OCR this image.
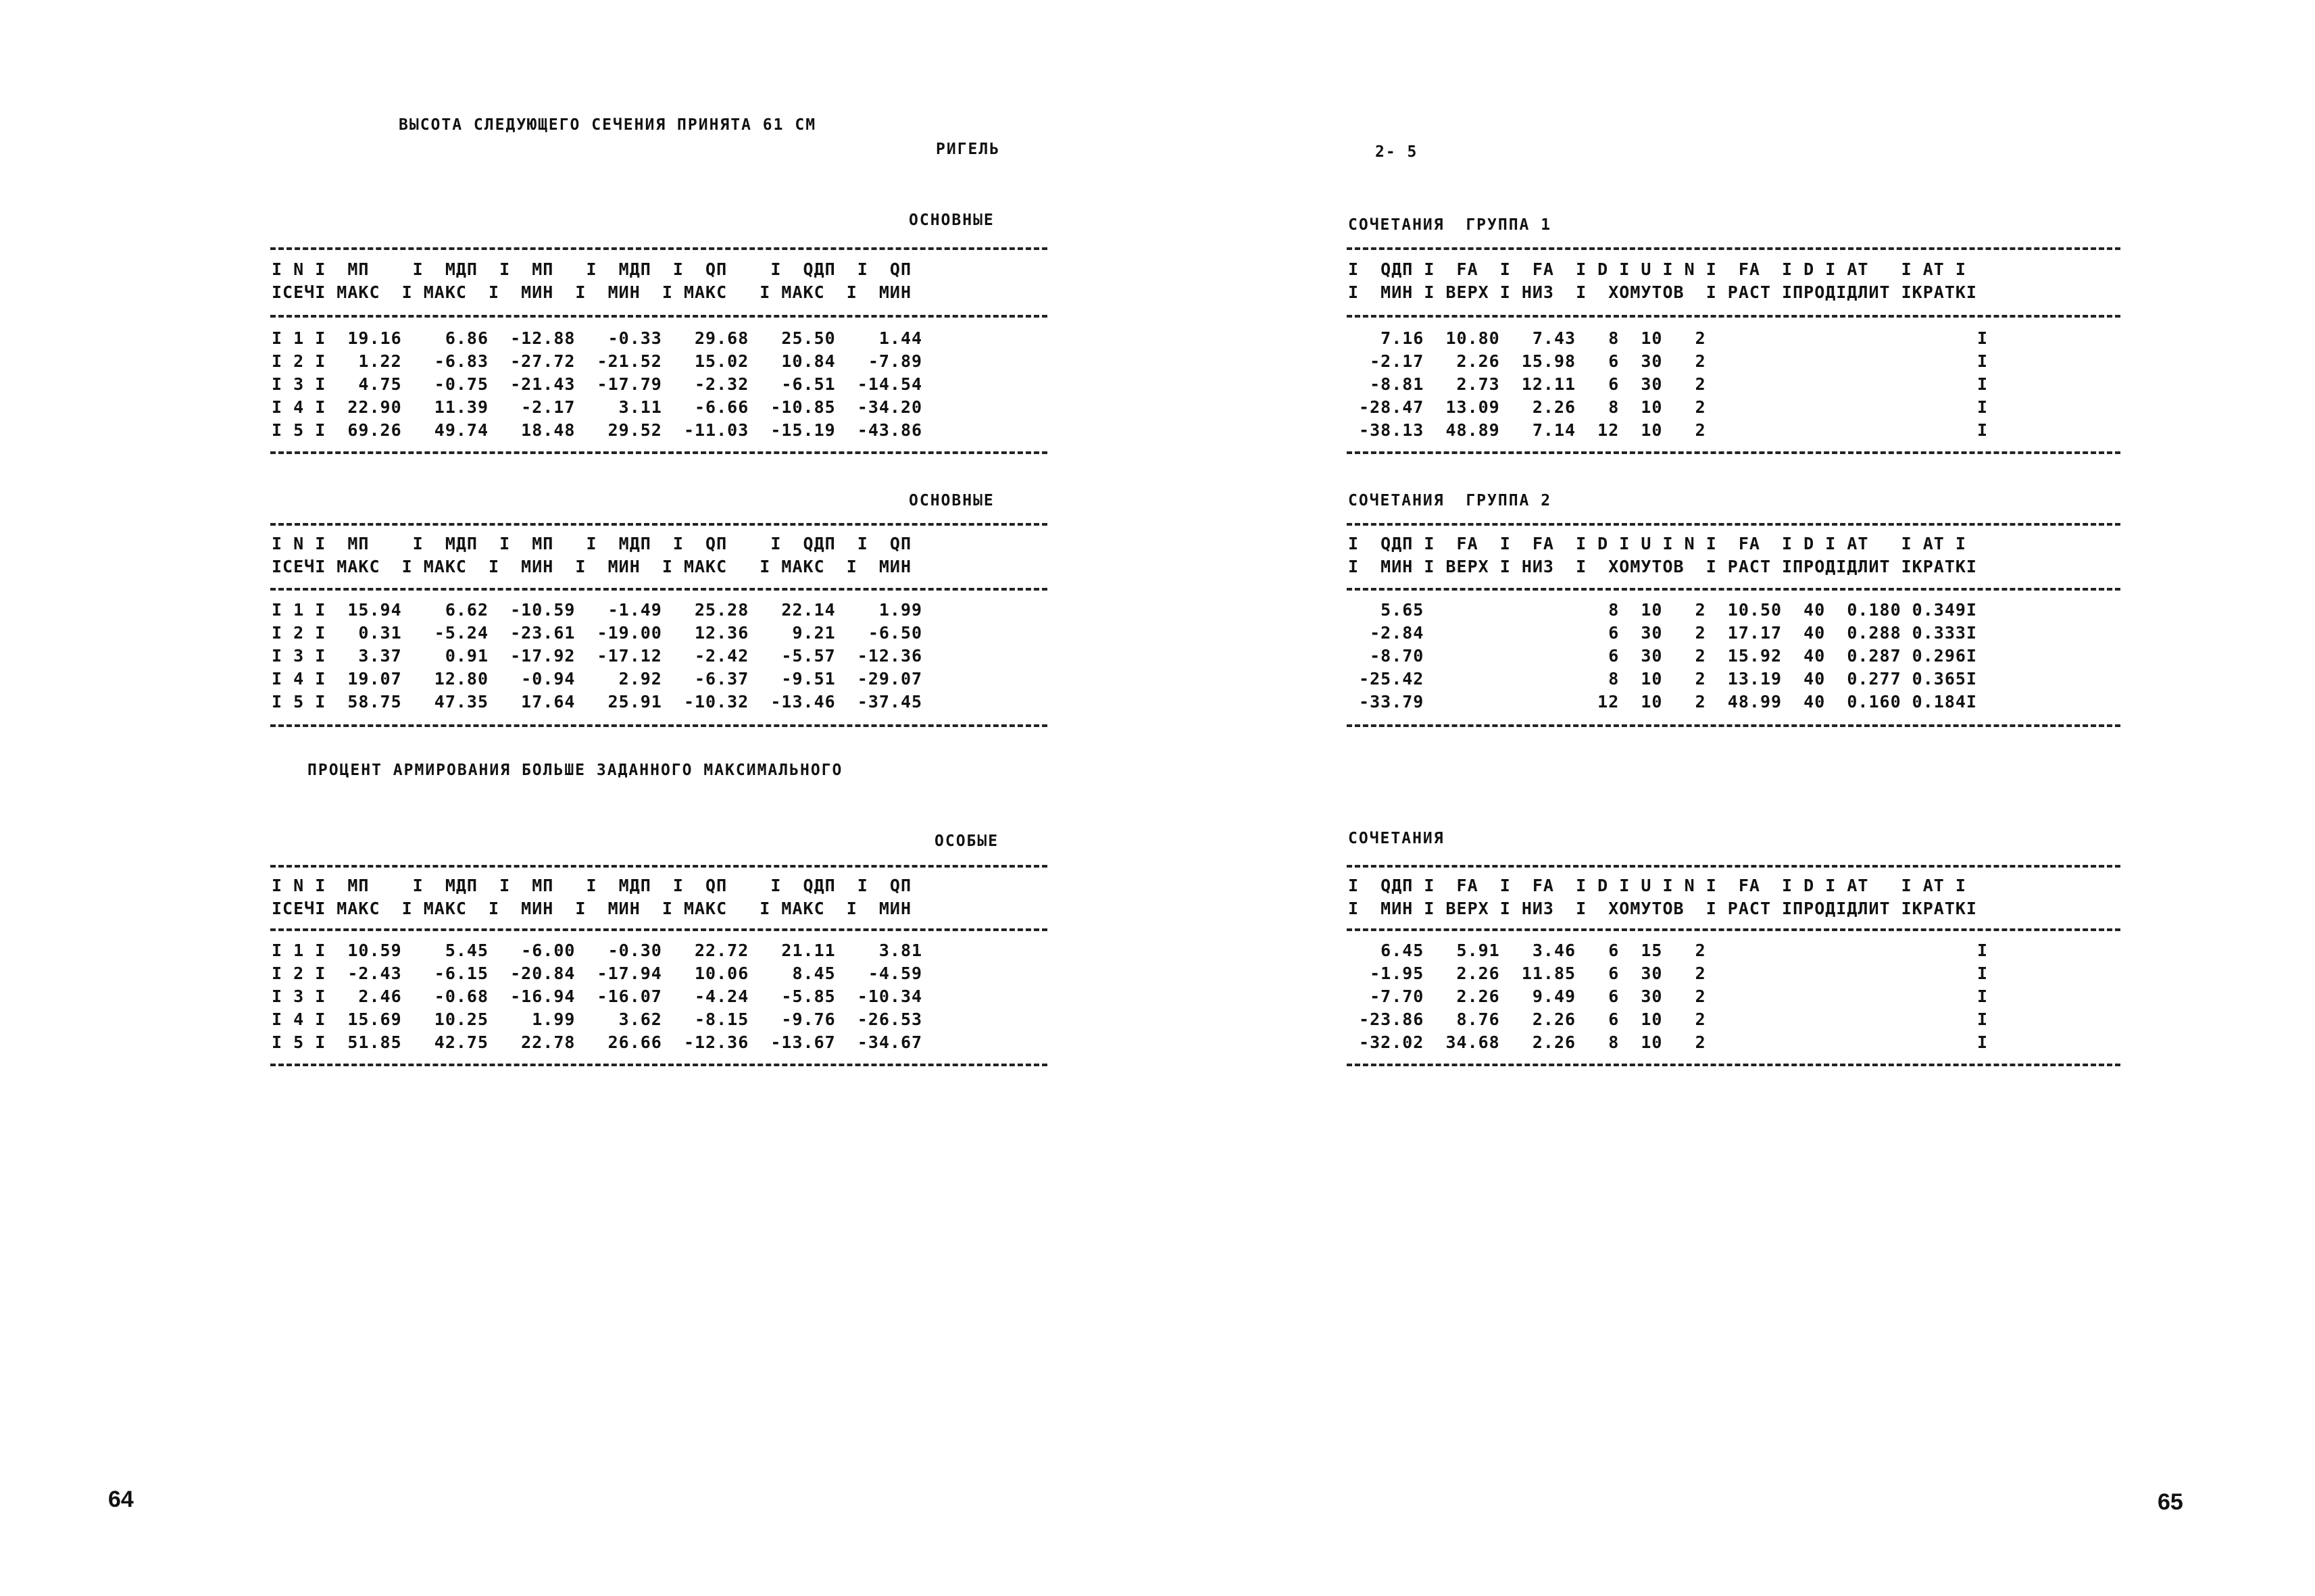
ВЫСОТА СЛЕДУЮЩЕГО СЕЧЕНИЯ ПРИНЯТА 61 СМ
РИГЕЛЬ
ОСНОВНЫЕ
I N I  МП    I  МДП  I  МП   I  МДП  I  QП    I  QДП  I  QП
IСЕЧI МАКС  I МАКС  I  МИН  I  МИН  I МАКС   I МАКС  I  МИН
I 1 I  19.16    6.86  -12.88   -0.33   29.68   25.50    1.44
I 2 I   1.22   -6.83  -27.72  -21.52   15.02   10.84   -7.89
I 3 I   4.75   -0.75  -21.43  -17.79   -2.32   -6.51  -14.54
I 4 I  22.90   11.39   -2.17    3.11   -6.66  -10.85  -34.20
I 5 I  69.26   49.74   18.48   29.52  -11.03  -15.19  -43.86
ОСНОВНЫЕ
I N I  МП    I  МДП  I  МП   I  МДП  I  QП    I  QДП  I  QП
IСЕЧI МАКС  I МАКС  I  МИН  I  МИН  I МАКС   I МАКС  I  МИН
I 1 I  15.94    6.62  -10.59   -1.49   25.28   22.14    1.99
I 2 I   0.31   -5.24  -23.61  -19.00   12.36    9.21   -6.50
I 3 I   3.37    0.91  -17.92  -17.12   -2.42   -5.57  -12.36
I 4 I  19.07   12.80   -0.94    2.92   -6.37   -9.51  -29.07
I 5 I  58.75   47.35   17.64   25.91  -10.32  -13.46  -37.45
ПРОЦЕНТ АРМИРОВАНИЯ БОЛЬШЕ ЗАДАННОГО МАКСИМАЛЬНОГО
ОСОБЫЕ
I N I  МП    I  МДП  I  МП   I  МДП  I  QП    I  QДП  I  QП
IСЕЧI МАКС  I МАКС  I  МИН  I  МИН  I МАКС   I МАКС  I  МИН
I 1 I  10.59    5.45   -6.00   -0.30   22.72   21.11    3.81
I 2 I  -2.43   -6.15  -20.84  -17.94   10.06    8.45   -4.59
I 3 I   2.46   -0.68  -16.94  -16.07   -4.24   -5.85  -10.34
I 4 I  15.69   10.25    1.99    3.62   -8.15   -9.76  -26.53
I 5 I  51.85   42.75   22.78   26.66  -12.36  -13.67  -34.67
64
2- 5
СОЧЕТАНИЯ  ГРУППА 1
I  QДП I  FA  I  FA  I D I U I N I  FA  I D I AT   I AT I
I  МИН I ВЕРХ I НИЗ  I  ХОМУТОВ  I РАСТ IПРОДIДЛИТ IКРАТКI
7.16  10.80   7.43   8  10   2                         I
-2.17   2.26  15.98   6  30   2                         I
-8.81   2.73  12.11   6  30   2                         I
-28.47  13.09   2.26   8  10   2                         I
-38.13  48.89   7.14  12  10   2                         I
СОЧЕТАНИЯ  ГРУППА 2
I  QДП I  FA  I  FA  I D I U I N I  FA  I D I AT   I AT I
I  МИН I ВЕРХ I НИЗ  I  ХОМУТОВ  I РАСТ IПРОДIДЛИТ IКРАТКI
5.65                 8  10   2  10.50  40  0.180 0.349I
-2.84                 6  30   2  17.17  40  0.288 0.333I
-8.70                 6  30   2  15.92  40  0.287 0.296I
-25.42                 8  10   2  13.19  40  0.277 0.365I
-33.79                12  10   2  48.99  40  0.160 0.184I
СОЧЕТАНИЯ
I  QДП I  FA  I  FA  I D I U I N I  FA  I D I AT   I AT I
I  МИН I ВЕРХ I НИЗ  I  ХОМУТОВ  I РАСТ IПРОДIДЛИТ IКРАТКI
6.45   5.91   3.46   6  15   2                         I
-1.95   2.26  11.85   6  30   2                         I
-7.70   2.26   9.49   6  30   2                         I
-23.86   8.76   2.26   6  10   2                         I
-32.02  34.68   2.26   8  10   2                         I
65
